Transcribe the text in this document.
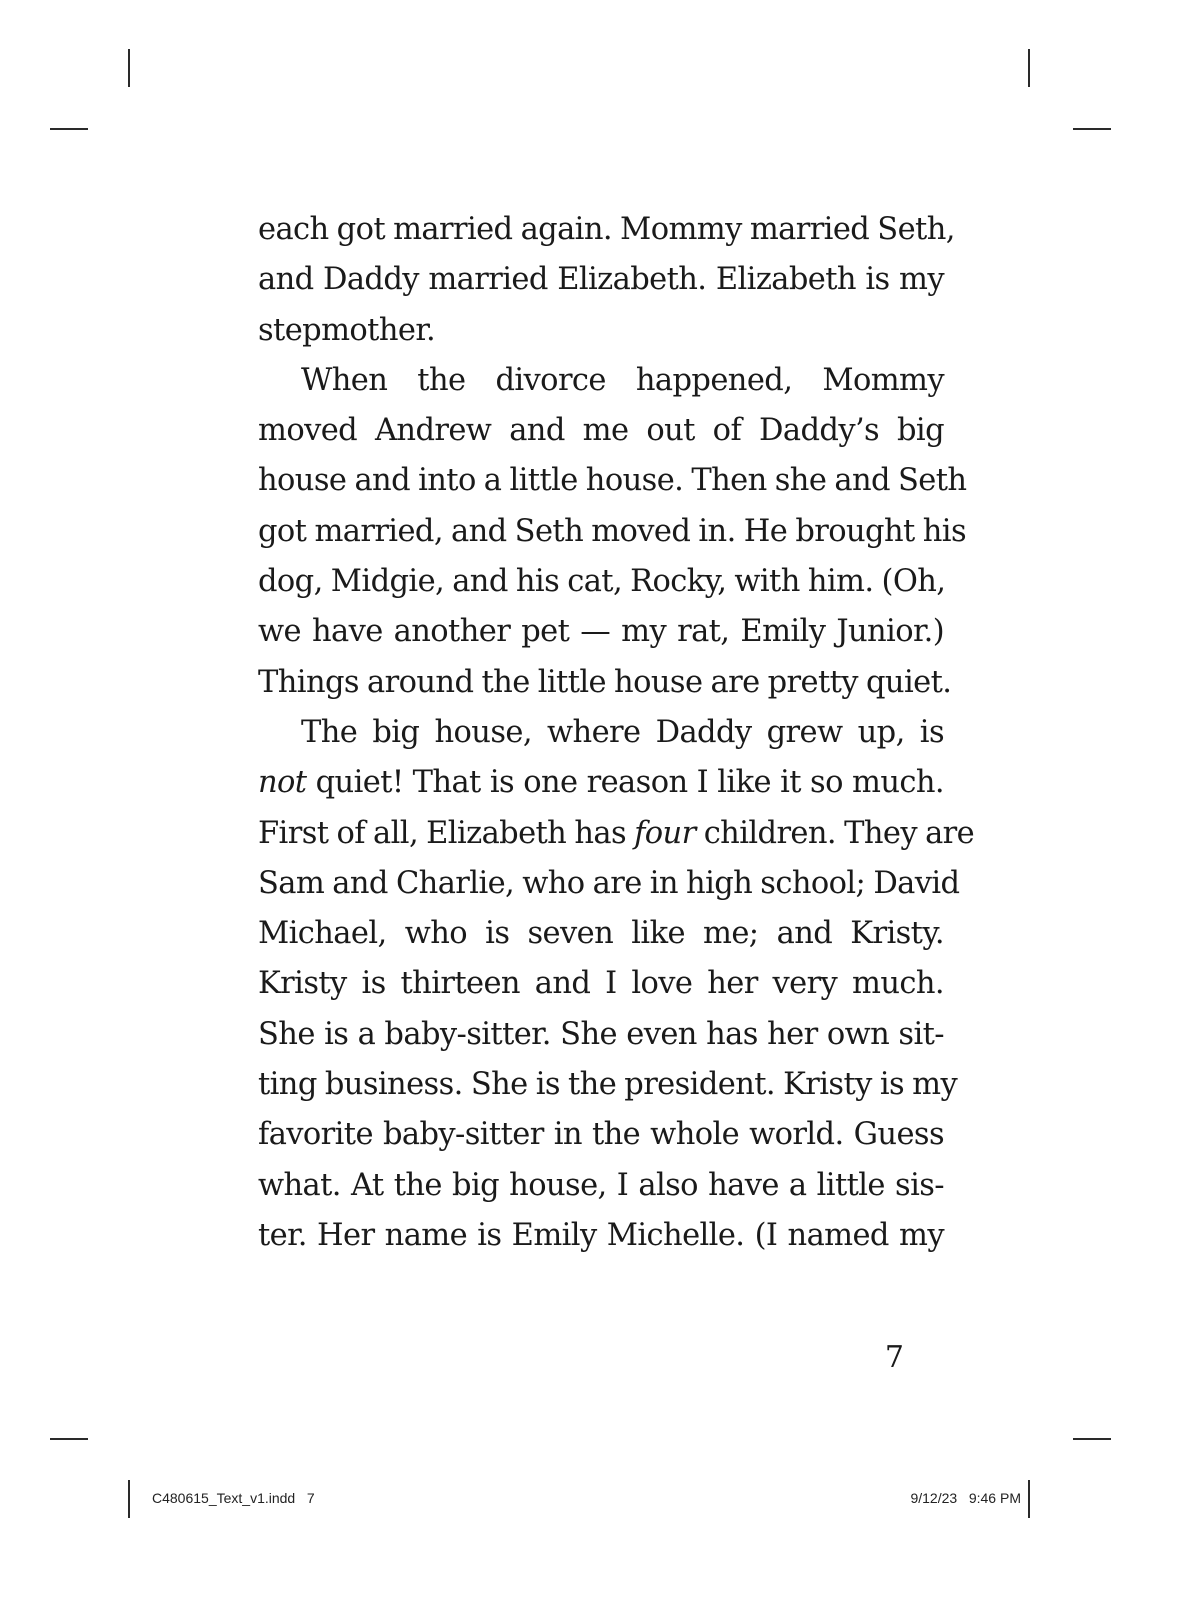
each got married again. Mommy married Seth,
and Daddy married Elizabeth. Elizabeth is my
stepmother.
When the divorce happened, Mommy
moved Andrew and me out of Daddy’s big
house and into a little house. Then she and Seth
got married, and Seth moved in. He brought his
dog, Midgie, and his cat, Rocky, with him. (Oh,
we have another pet — my rat, Emily Junior.)
Things around the little house are pretty quiet.
The big house, where Daddy grew up, is
not quiet! That is one reason I like it so much.
First of all, Elizabeth has four children. They are
Sam and Charlie, who are in high school; David
Michael, who is seven like me; and Kristy.
Kristy is thirteen and I love her very much.
She is a baby-sitter. She even has her own sit-
ting business. She is the president. Kristy is my
favorite baby-sitter in the whole world. Guess
what. At the big house, I also have a little sis-
ter. Her name is Emily Michelle. (I named my
7
C480615_Text_v1.indd   7	9/12/23   9:46 PM
